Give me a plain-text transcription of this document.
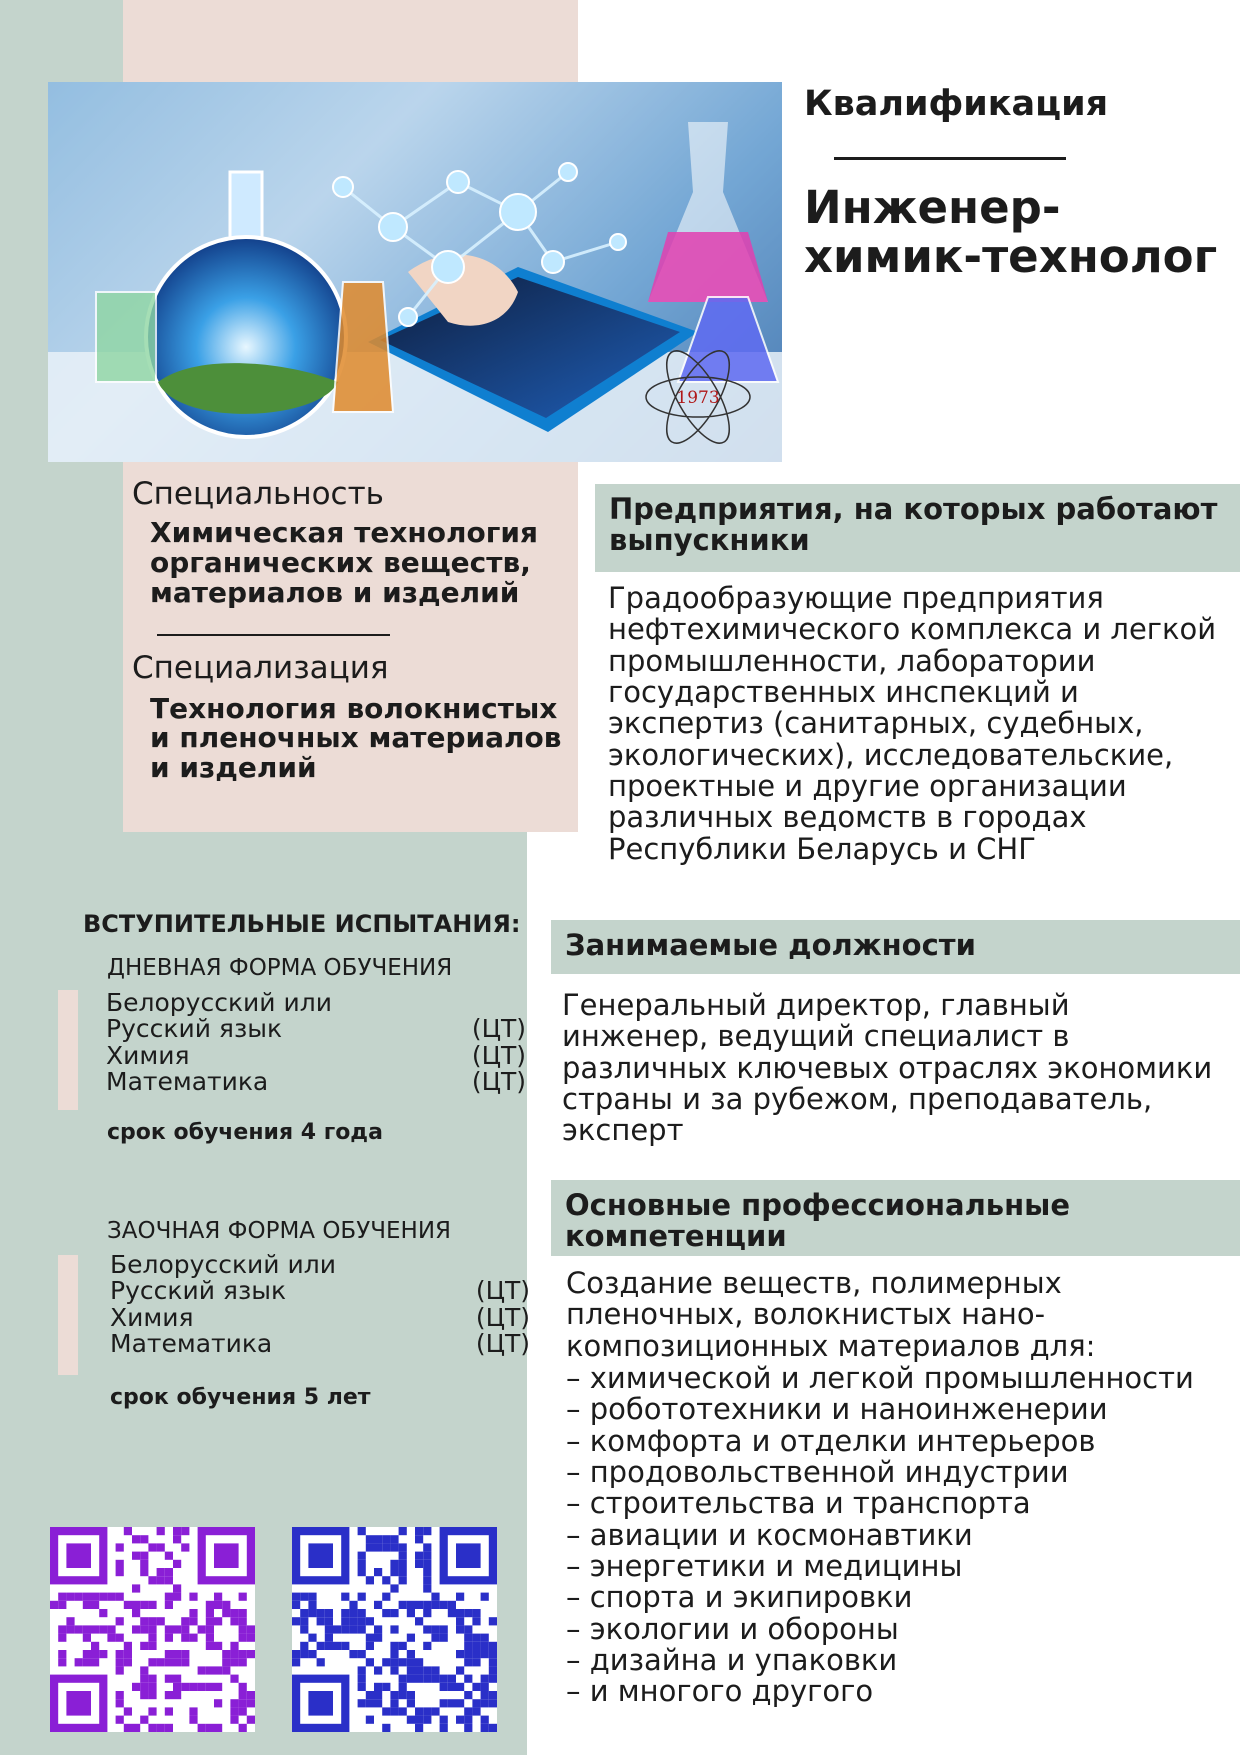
1973
Квалификация
Инженер-химик-технолог
Специальность
Химическая технология органических веществ, материалов и изделий
Специализация
Технология волокнистых и пленочных материалов и изделий
ВСТУПИТЕЛЬНЫЕ ИСПЫТАНИЯ:
ДНЕВНАЯ ФОРМА ОБУЧЕНИЯ
Белорусский или
Русский язык	(ЦТ)
Химия	(ЦТ)
Математика	(ЦТ)
срок обучения 4 года
ЗАОЧНАЯ ФОРМА ОБУЧЕНИЯ
Белорусский или
Русский язык	(ЦТ)
Химия	(ЦТ)
Математика	(ЦТ)
срок обучения 5 лет
Предприятия, на которых работают выпускники
Градообразующие предприятия нефтехимического комплекса и легкой промышленности, лаборатории государственных инспекций и экспертиз (санитарных, судебных, экологических), исследовательские, проектные и другие организации различных ведомств в городах Республики Беларусь и СНГ
Занимаемые должности
Генеральный директор, главный инженер, ведущий специалист в различных ключевых отраслях экономики страны и за рубежом, преподаватель, эксперт
Основные профессиональные компетенции
Создание веществ, полимерных пленочных, волокнистых нано-композиционных материалов для:
– химической и легкой промышленности
– робототехники и наноинженерии
– комфорта и отделки интерьеров
– продовольственной индустрии
– строительства и транспорта
– авиации и космонавтики
– энергетики и медицины
– спорта и экипировки
– экологии и обороны
– дизайна и упаковки
– и многого другого
